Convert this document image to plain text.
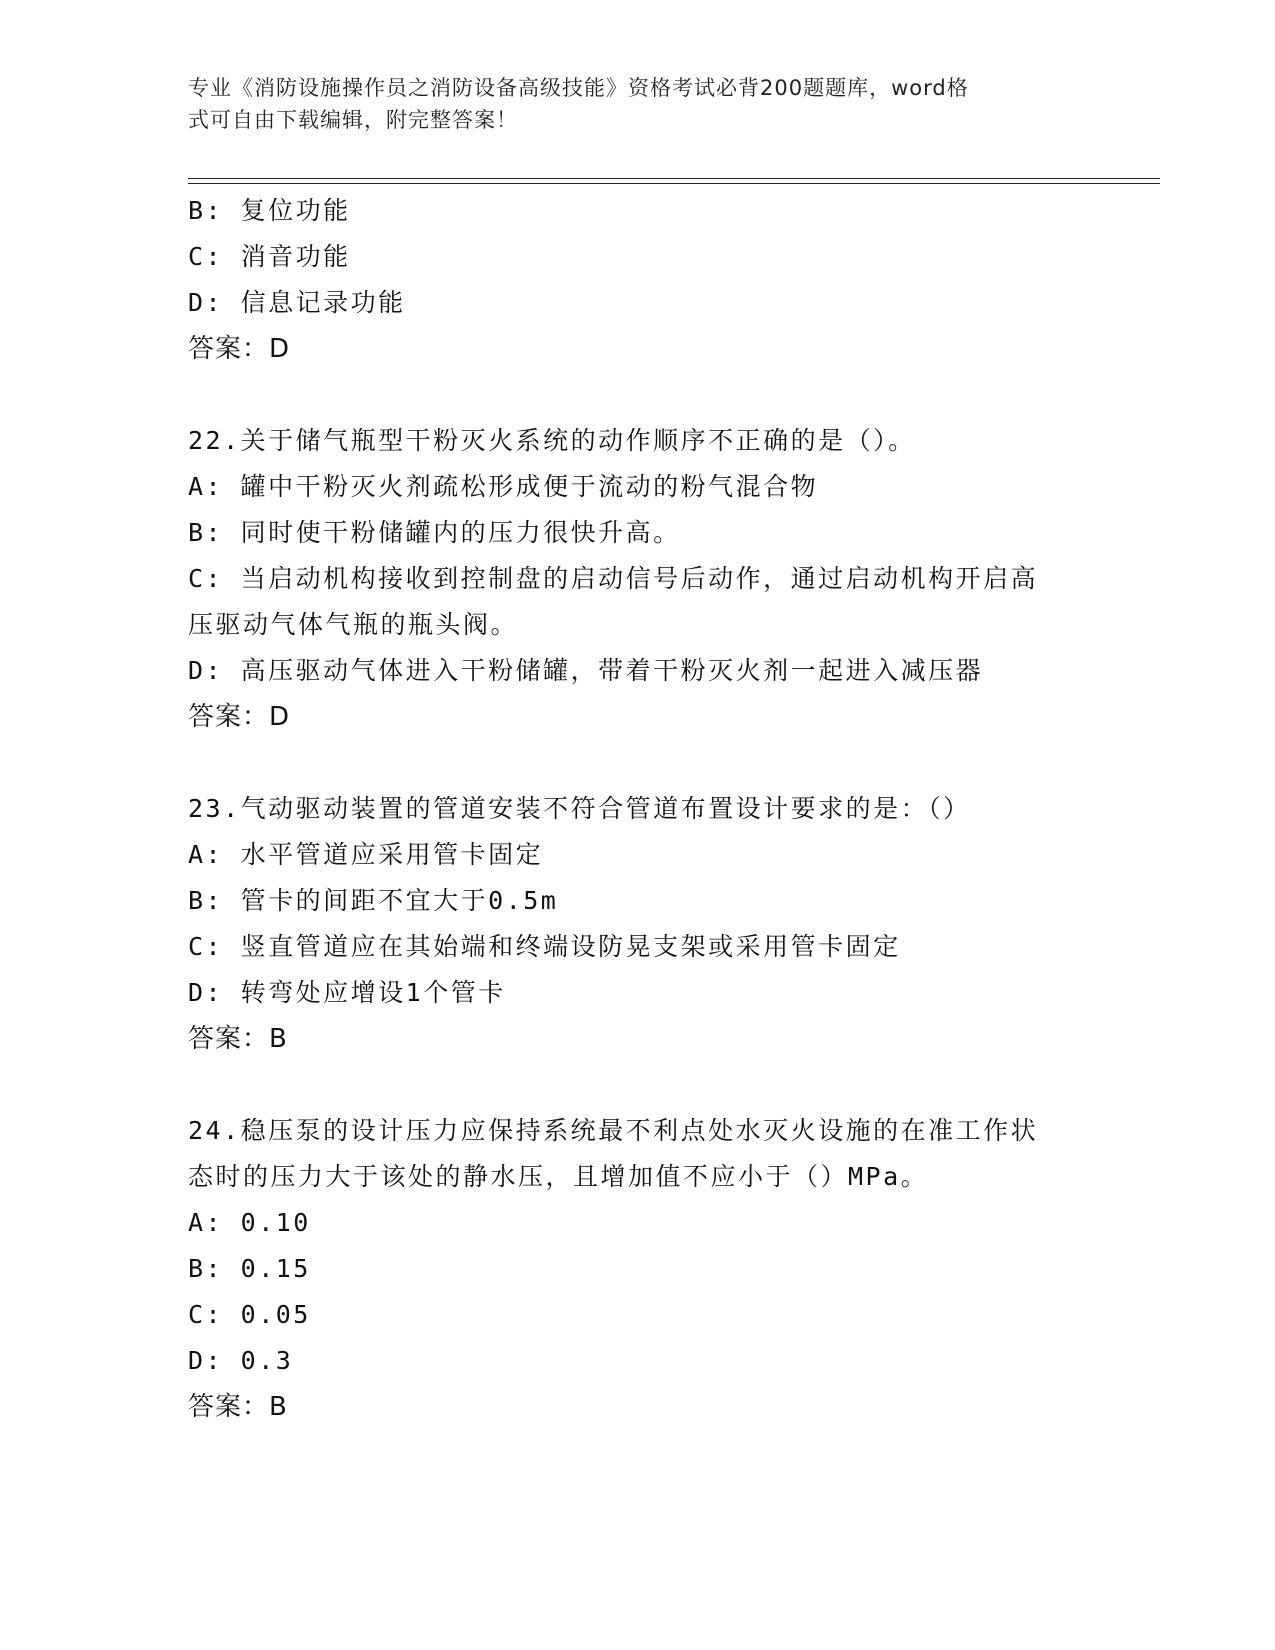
专业《消防设施操作员之消防设备高级技能》资格考试必背200题题库，word格
式可自由下载编辑，附完整答案！
B: 复位功能
C: 消音功能
D: 信息记录功能
答案：D
22.关于储气瓶型干粉灭火系统的动作顺序不正确的是（）。
A: 罐中干粉灭火剂疏松形成便于流动的粉气混合物
B: 同时使干粉储罐内的压力很快升高。
C: 当启动机构接收到控制盘的启动信号后动作，通过启动机构开启高
压驱动气体气瓶的瓶头阀。
D: 高压驱动气体进入干粉储罐，带着干粉灭火剂一起进入减压器
答案：D
23.气动驱动装置的管道安装不符合管道布置设计要求的是：（）
A: 水平管道应采用管卡固定
B: 管卡的间距不宜大于0.5m
C: 竖直管道应在其始端和终端设防晃支架或采用管卡固定
D: 转弯处应增设1个管卡
答案：B
24.稳压泵的设计压力应保持系统最不利点处水灭火设施的在准工作状
态时的压力大于该处的静水压，且增加值不应小于（）MPa。
A: 0.10
B: 0.15
C: 0.05
D: 0.3
答案：B
